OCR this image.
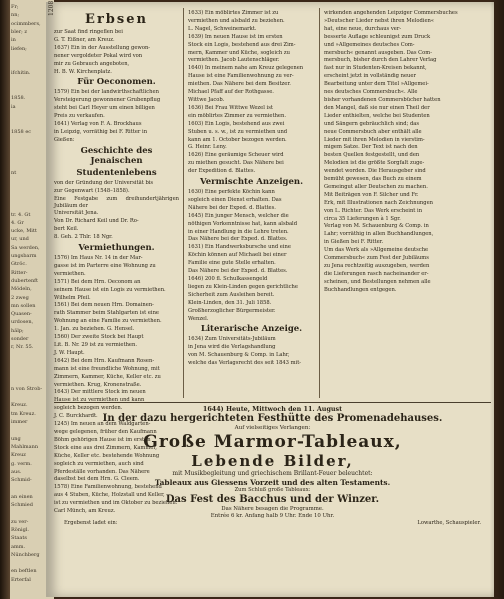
Fr;
nn;
ocimmbers,
bler; z
in
liefen;
ifchitin.
1858.
ia
1858 ec
nt
tr. 4. Gt
4. Gr
ucke, Mitt
ur, und
Sa werden,
ungsbarm
Gtröc.
Ritter-
dubertenft
Mödeln,
2 zweg
mn sollen
Quasen-
urdosen,
hälp;
sonder
r, Nr. 55.
n von Strob-
Kreuz.
tm Kreuz.
immer
ung
Mahlmann
Kreuz
g. verm.
aus.
Schmid-
an einen
Schmied
zu ver-
Rönigl.
Staats
amm.
Nünchberg
en beftlen
Erterfal
1208
Erbsen
zur Saat find ringeflen bei
G. T. Eißner, am Kreuz.
1637) Ein in der Ausstellung gewon-
nener vergoldeter Pokal wird von
mir zu Gebrauch angeboten,
H. B. W. Kirchenplatz.
Für Oeconomen.
1579) Ein bei der landwirthschaftlichen
Versteigerung gewonnener Grubenpflug
steht bei Carl Heyer um einen billigen
Preis zu verkaufen.
1641) Verlag von F. A. Brockhaus
in Leipzig, vorräthig bei F. Ritter in
Gießen:
Geschichte des Jenaischen
Studentenlebens
von der Gründung der Universität bis
zur Gegenwart (1548–1858).
Eine Festgabe zum dreihundertjährigen Jubiläum der
Universität Jena.
Von Dr. Richard Keil und Dr. Ro-
bert Keil.
8. Geh. 2 Thlr. 18 Ngr.
Vermiethungen.
1576) Im Haus Nr. 14 in der Mar-
gasse ist im Parterre eine Wohnung zu
vermiethen.
1571) Bei dem Hrn. Oeconom an
seinem Hause ist ein Logis zu vermiethen.
Wilhelm Pfeil.
1561) Bei dem neuen Hrn. Domainen-
rath Stammer beim Stahlgarten ist eine
Wohnung an eine Familie zu vermiethen.
1. Jan. zu beziehen. G. Hensel.
1560) Der zweite Stock bei Haupt
Lit. B. Nr. 29 ist zu vermiethen.
J. W. Haupt.
1642) Bei dem Hrn. Kaufmann Rosen-
mann ist eine freundliche Wohnung, mit
Zimmern, Kammer, Küche, Keller etc. zu
vermiethen. Krug, Kronenstraße.
1643) Der mittlere Stock im neuen
Hause ist zu vermiethen und kann
sogleich bezogen werden.
J. C. Burckhardt.
1245) Im neuen an dem Waldgarten-
wege gelegenen, früher den Kaufmann
Böhm gehörigen Hause ist im ersten
Stock eine aus drei Zimmern, Kammer,
Küche, Keller etc. bestehende Wohnung
sogleich zu vermiethen, auch sind
Pferdeställe vorhanden. Das Nähere
daselbst bei dem Hrn. G. Cleem.
1578) Eine Familienwohnung, bestehend
aus 4 Stuben, Küche, Holzstall und Keller,
ist zu vermiethen und im Oktober zu beziehen.
Carl Münch, am Kreuz.
1633) Ein möblirtes Zimmer ist zu
vermiethen und alsbald zu beziehen.
L. Nagel, Schweinemarkt.
1639) Im neuen Hause ist im ersten
Stock ein Logis, bestehend aus drei Zim-
mern, Kammer und Küche, sogleich zu
vermiethen. Jacob Lautenschläger.
1640) In meinem nahe am Kreuz gelegenen
Hause ist eine Familienwohnung zu ver-
miethen. Das Nähere bei dem Besitzer.
Michael Pfaff auf der Rothgasse.
Wittwe Jacob.
1636) Bei Frau Wittwe Wezel ist
ein möblirtes Zimmer zu vermiethen.
1603) Ein Logis, bestehend aus zwei
Stuben u. s. w., ist zu vermiethen und
kann am 1. October bezogen werden.
G. Heinr. Leny.
1626) Eine geräumige Scheuer wird
zu miethen gesucht. Das Nähere bei
der Expedition d. Blattes.
Vermischte Anzeigen.
1630) Eine perfekte Köchin kann
sogleich einen Dienst erhalten. Das
Nähere bei der Exped. d. Blattes.
1645) Ein junger Mensch, welcher die
nöthigen Vorkenntnisse hat, kann alsbald
in einer Handlung in die Lehre treten.
Das Nähere bei der Exped. d. Blattes.
1631) Ein Handwerksbursche und eine
Köchin können auf Michaeli bei einer
Familie eine gute Stelle erhalten.
Das Nähere bei der Exped. d. Blattes.
1646) 200 fl. Schulkassengeld
liegen zu Klein-Linden gegen gerichtliche
Sicherheit zum Ausleihen bereit.
Klein-Linden, den 31. Juli 1858.
Großherzoglicher Bürgermeister.
Wenzel.
Literarische Anzeige.
1634) Zum Universitäts-Jubiläum
in Jena wird die Verlagshandlung
von M. Schauenburg & Comp. in Lahr,
welche das Verlagsrecht des seit 1843 mit-
wirkenden angehenden Leipziger Commersbuches
»Deutscher Lieder nebst ihren Melodien«
hat, eine neue, durchaus ver-
besserte Auflage schleunigst zum Druck
und »Allgemeines deutsches Com-
mersbuch« genannt ausgeben. Das Com-
mersbuch, bisher durch den Lahrer Verlag
fast nur in Studenten-Kreisen bekannt,
erscheint jetzt in vollständig neuer
Bearbeitung unter dem Titel »Allgemei-
nes deutsches Commersbuch«. Alle
bisher vorhandenen Commersbücher hatten
den Mangel, daß sie nur einen Theil der
Lieder enthielten, welche bei Studenten
und Sängern gebräuchlich sind; das
neue Commersbuch aber enthält alle
Lieder mit ihren Melodien in vierstim-
migem Satze. Der Text ist nach den
besten Quellen festgestellt, und den
Melodien ist die größte Sorgfalt zuge-
wendet worden. Die Herausgeber sind
bemüht gewesen, das Buch zu einem
Gemeingut aller Deutschen zu machen.
Mit Beiträgen von F. Silcher und Fr.
Erk, mit Illustrationen nach Zeichnungen
von L. Richter. Das Werk erscheint in
circa 35 Lieferungen à 1 Sgr.
Verlag von M. Schauenburg & Comp. in
Lahr; vorräthig in allen Buchhandlungen,
in Gießen bei F. Ritter.
Um das Werk als »Allgemeine deutsche
Commersbuch« zum Fest der Jubiläums
zu Jena rechtzeitig auszugeben, werden
die Lieferungen rasch nacheinander er-
scheinen, und Bestellungen nehmen alle
Buchhandlungen entgegen.
1644) Heute, Mittwoch den 11. August
In der dazu hergerichteten Festhütte des Promenadehauses.
Auf vielseitiges Verlangen:
Große Marmor-Tableaux,
Lebende Bilder,
mit Musikbegleitung und griechischem Brillant-Feuer beleuchtet:
Tableaux aus Giessens Vorzeit und des alten Testaments.
Zum Schluß große Tableaux:
Das Fest des Bacchus und der Winzer.
Das Nähere besagen die Programme.
Entrée 6 kr. Anfang halb 9 Uhr. Ende 10 Uhr.
Ergebenst ladet ein:	Lowarthe, Schauspieler.
